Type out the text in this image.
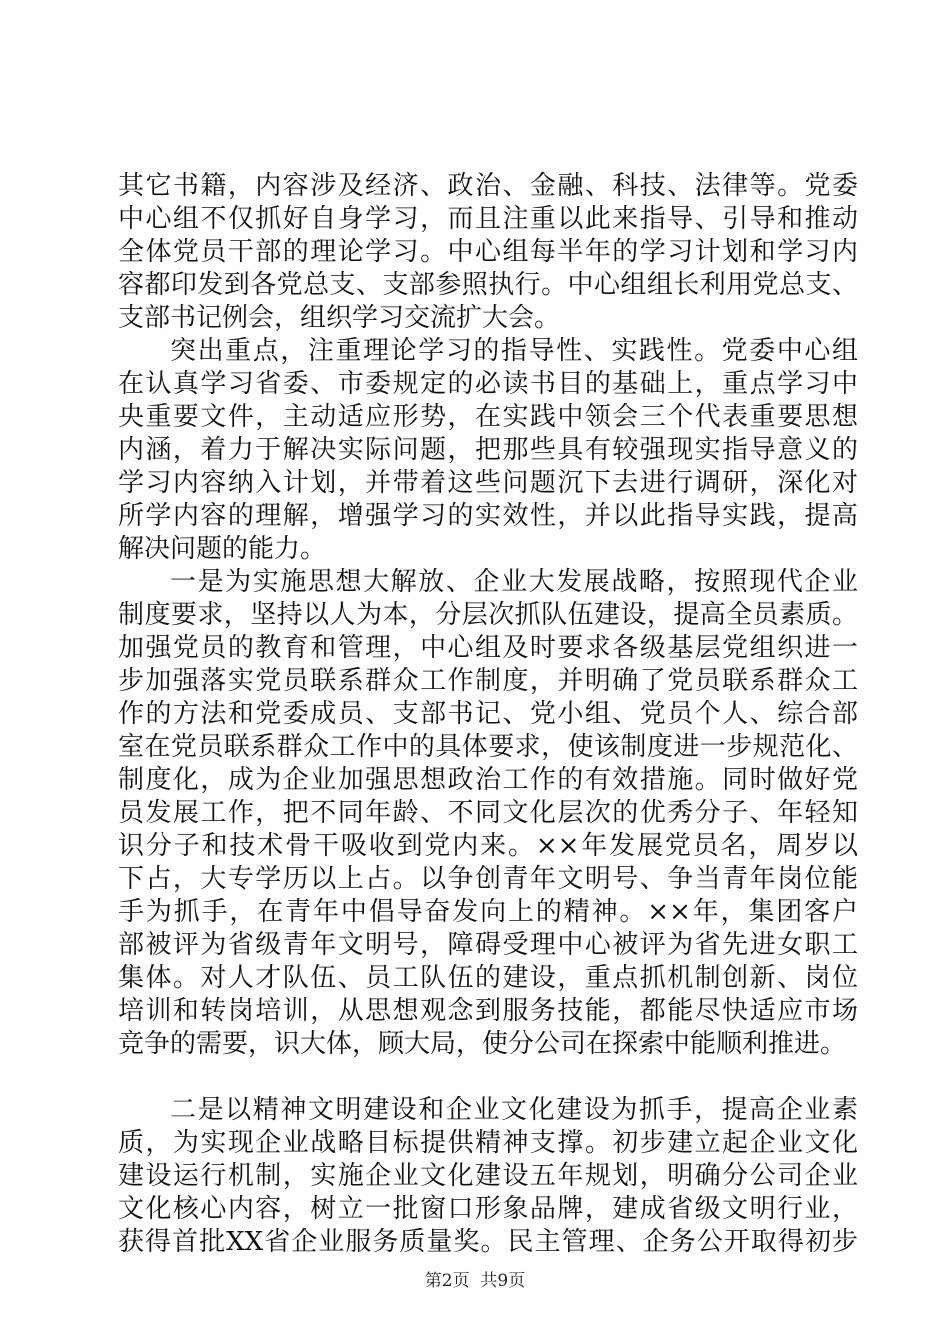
其它书籍，内容涉及经济、政治、金融、科技、法律等。党委
中心组不仅抓好自身学习，而且注重以此来指导、引导和推动
全体党员干部的理论学习。中心组每半年的学习计划和学习内
容都印发到各党总支、支部参照执行。中心组组长利用党总支、
支部书记例会，组织学习交流扩大会。
突出重点，注重理论学习的指导性、实践性。党委中心组
在认真学习省委、市委规定的必读书目的基础上，重点学习中
央重要文件，主动适应形势，在实践中领会三个代表重要思想
内涵，着力于解决实际问题，把那些具有较强现实指导意义的
学习内容纳入计划，并带着这些问题沉下去进行调研，深化对
所学内容的理解，增强学习的实效性，并以此指导实践，提高
解决问题的能力。
一是为实施思想大解放、企业大发展战略，按照现代企业
制度要求，坚持以人为本，分层次抓队伍建设，提高全员素质。
加强党员的教育和管理，中心组及时要求各级基层党组织进一
步加强落实党员联系群众工作制度，并明确了党员联系群众工
作的方法和党委成员、支部书记、党小组、党员个人、综合部
室在党员联系群众工作中的具体要求，使该制度进一步规范化、
制度化，成为企业加强思想政治工作的有效措施。同时做好党
员发展工作，把不同年龄、不同文化层次的优秀分子、年轻知
识分子和技术骨干吸收到党内来。××年发展党员名，周岁以
下占，大专学历以上占。以争创青年文明号、争当青年岗位能
手为抓手，在青年中倡导奋发向上的精神。××年，集团客户
部被评为省级青年文明号，障碍受理中心被评为省先进女职工
集体。对人才队伍、员工队伍的建设，重点抓机制创新、岗位
培训和转岗培训，从思想观念到服务技能，都能尽快适应市场
竞争的需要，识大体，顾大局，使分公司在探索中能顺利推进。
二是以精神文明建设和企业文化建设为抓手，提高企业素
质，为实现企业战略目标提供精神支撑。初步建立起企业文化
建设运行机制，实施企业文化建设五年规划，明确分公司企业
文化核心内容，树立一批窗口形象品牌，建成省级文明行业，
获得首批XX省企业服务质量奖。民主管理、企务公开取得初步
第2页 共9页
